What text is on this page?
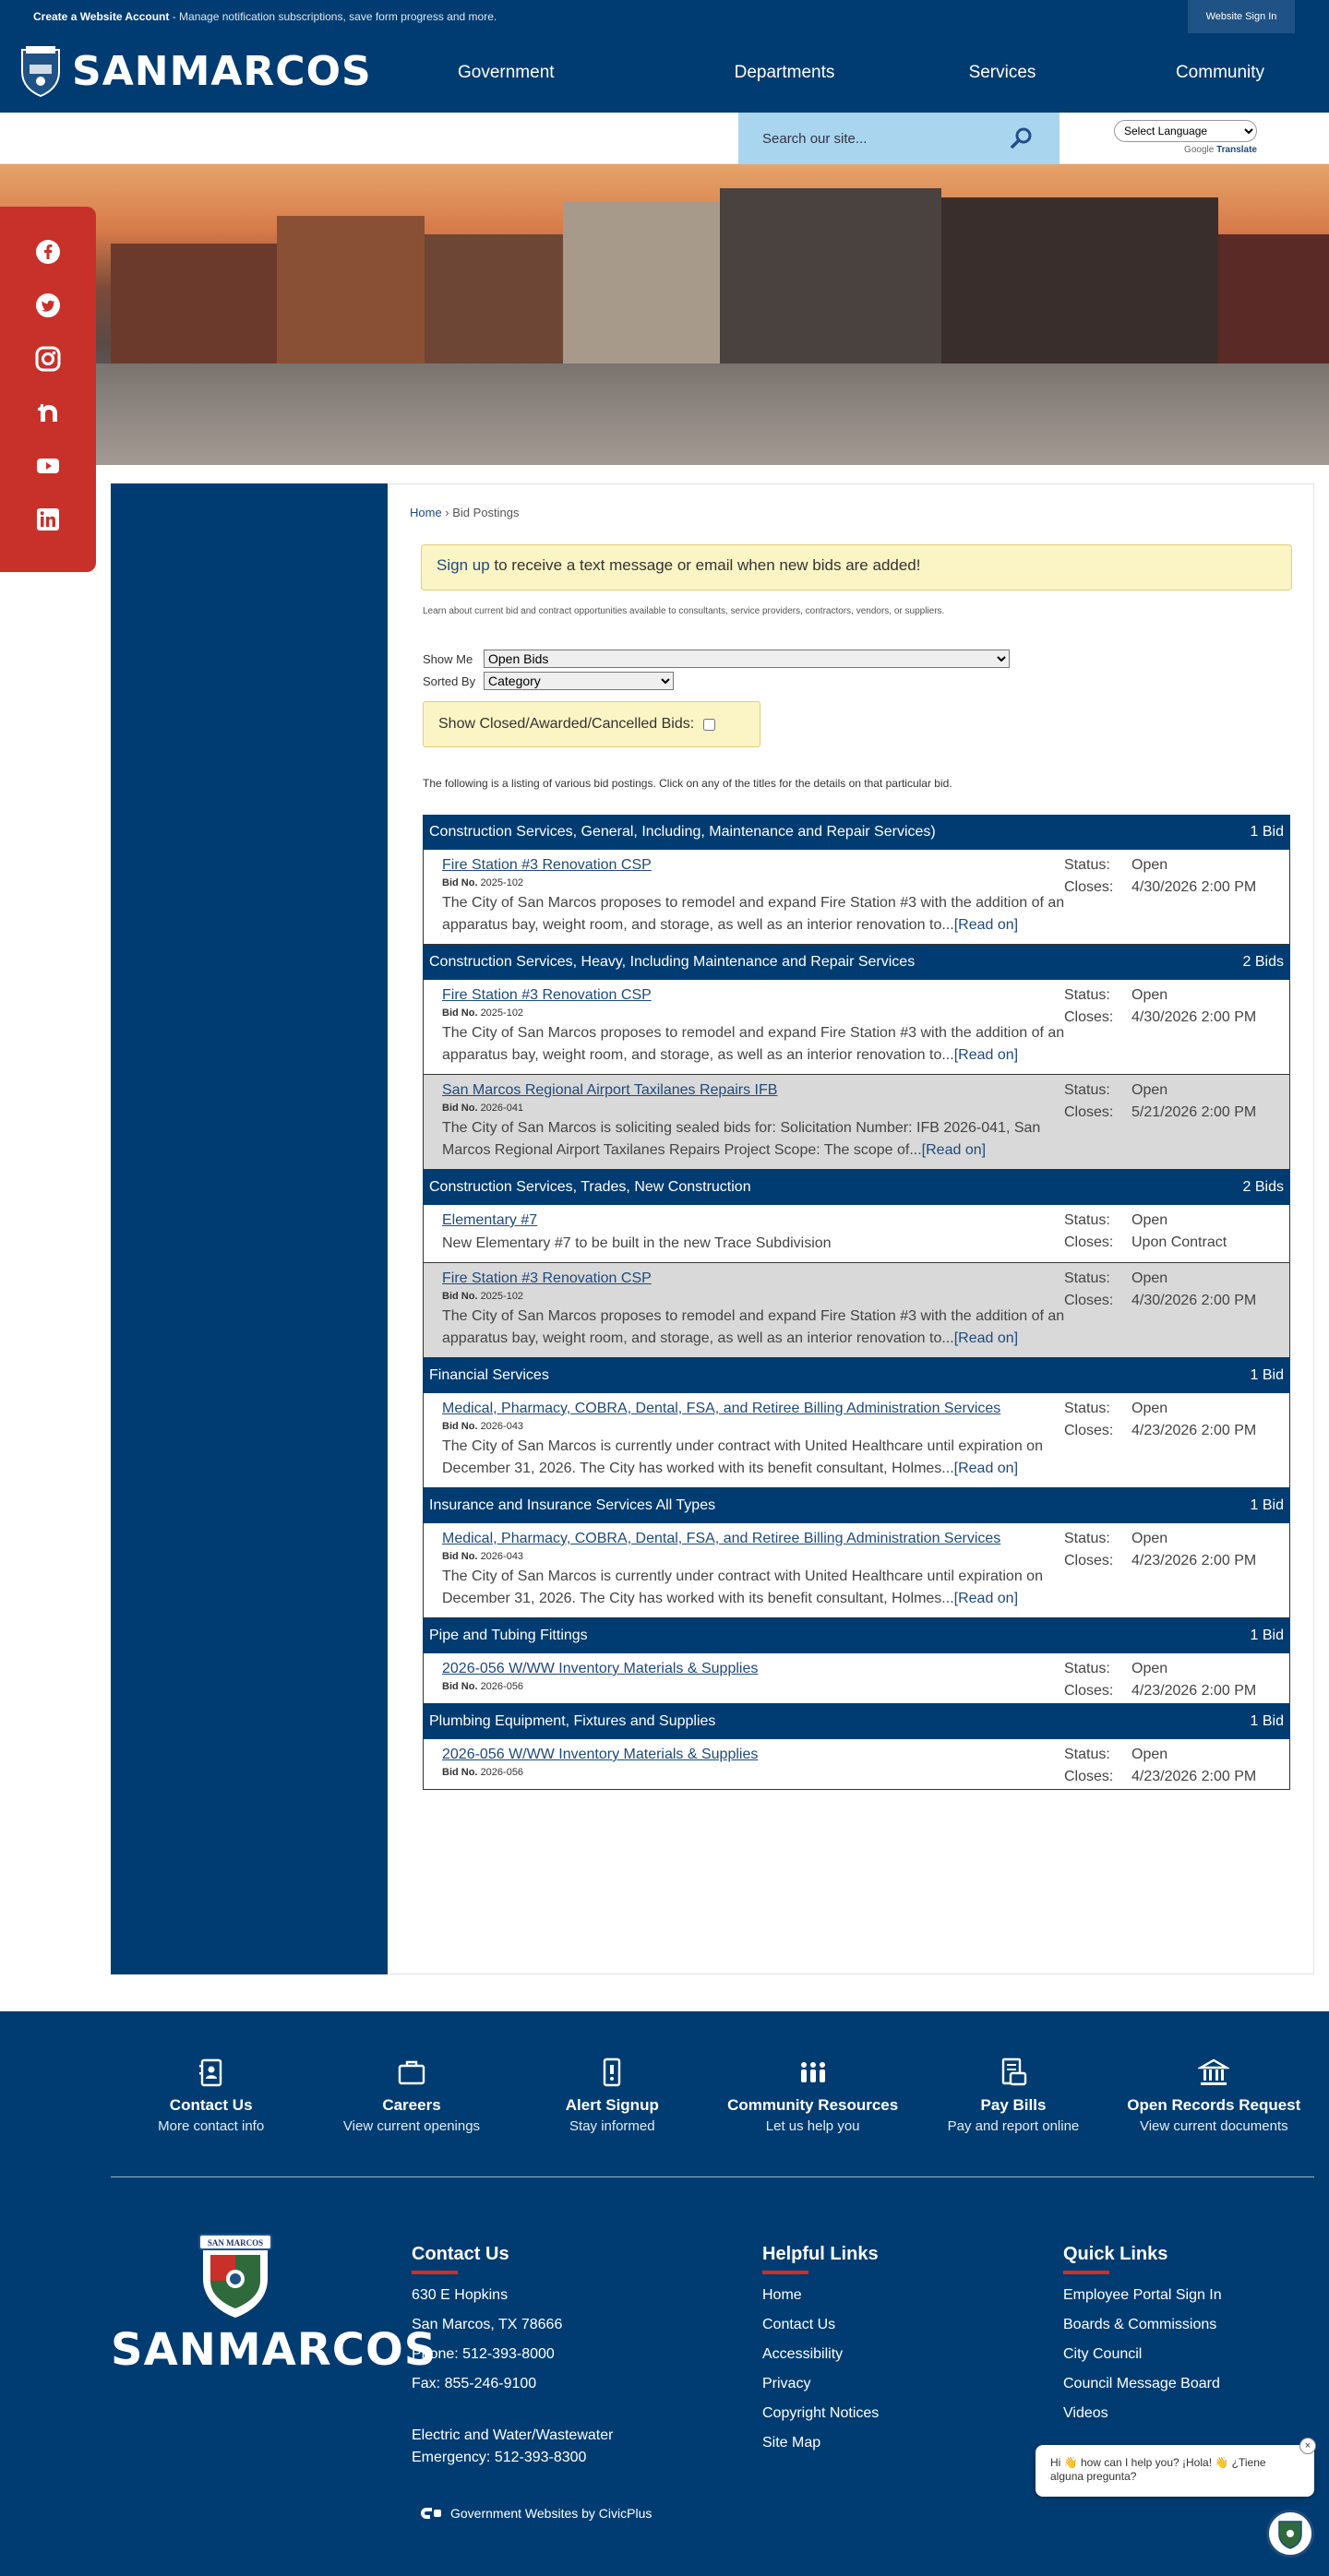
Create a Website Account - Manage notification subscriptions, save form progress and more.	Website Sign In
SANMARCOS	Government	Departments	Services	Community
Search our site...
Select Language
Google Translate
Home › Bid Postings
Sign up to receive a text message or email when new bids are added!
Learn about current bid and contract opportunities available to consultants, service providers, contractors, vendors, or suppliers.
Show Me
Open Bids
Sorted By
Category
Show Closed/Awarded/Cancelled Bids:
The following is a listing of various bid postings. Click on any of the titles for the details on that particular bid.
Construction Services, General, Including, Maintenance and Repair Services)	1 Bid
Fire Station #3 Renovation CSP
Bid No. 2025-102
The City of San Marcos proposes to remodel and expand Fire Station #3 with the addition of an apparatus bay, weight room, and storage, as well as an interior renovation to...[Read on]
Status:	Open
Closes:	4/30/2026 2:00 PM
Construction Services, Heavy, Including Maintenance and Repair Services	2 Bids
Fire Station #3 Renovation CSP
Bid No. 2025-102
The City of San Marcos proposes to remodel and expand Fire Station #3 with the addition of an apparatus bay, weight room, and storage, as well as an interior renovation to...[Read on]
Status:	Open
Closes:	4/30/2026 2:00 PM
San Marcos Regional Airport Taxilanes Repairs IFB
Bid No. 2026-041
The City of San Marcos is soliciting sealed bids for: Solicitation Number: IFB 2026-041, San Marcos Regional Airport Taxilanes Repairs Project Scope: The scope of...[Read on]
Status:	Open
Closes:	5/21/2026 2:00 PM
Construction Services, Trades, New Construction	2 Bids
Elementary #7
New Elementary #7 to be built in the new Trace Subdivision
Status:	Open
Closes:	Upon Contract
Fire Station #3 Renovation CSP
Bid No. 2025-102
The City of San Marcos proposes to remodel and expand Fire Station #3 with the addition of an apparatus bay, weight room, and storage, as well as an interior renovation to...[Read on]
Status:	Open
Closes:	4/30/2026 2:00 PM
Financial Services	1 Bid
Medical, Pharmacy, COBRA, Dental, FSA, and Retiree Billing Administration Services
Bid No. 2026-043
The City of San Marcos is currently under contract with United Healthcare until expiration on December 31, 2026. The City has worked with its benefit consultant, Holmes...[Read on]
Status:	Open
Closes:	4/23/2026 2:00 PM
Insurance and Insurance Services All Types	1 Bid
Medical, Pharmacy, COBRA, Dental, FSA, and Retiree Billing Administration Services
Bid No. 2026-043
The City of San Marcos is currently under contract with United Healthcare until expiration on December 31, 2026. The City has worked with its benefit consultant, Holmes...[Read on]
Status:	Open
Closes:	4/23/2026 2:00 PM
Pipe and Tubing Fittings	1 Bid
2026-056 W/WW Inventory Materials & Supplies
Bid No. 2026-056
Status:	Open
Closes:	4/23/2026 2:00 PM
Plumbing Equipment, Fixtures and Supplies	1 Bid
2026-056 W/WW Inventory Materials & Supplies
Bid No. 2026-056
Status:	Open
Closes:	4/23/2026 2:00 PM
Contact Us
More contact info
Careers
View current openings
Alert Signup
Stay informed
Community Resources
Let us help you
Pay Bills
Pay and report online
Open Records Request
View current documents
SAN MARCOS
SANMARCOS
Contact Us
630 E Hopkins
San Marcos, TX 78666
Phone: 512-393-8000
Fax: 855-246-9100
Electric and Water/Wastewater
Emergency: 512-393-8300
Helpful Links
Home
Contact Us
Accessibility
Privacy
Copyright Notices
Site Map
Quick Links
Employee Portal Sign In
Boards & Commissions
City Council
Council Message Board
Videos
Government Websites by CivicPlus
Hi 👋 how can I help you? ¡Hola! 👋 ¿Tiene alguna pregunta?
×
